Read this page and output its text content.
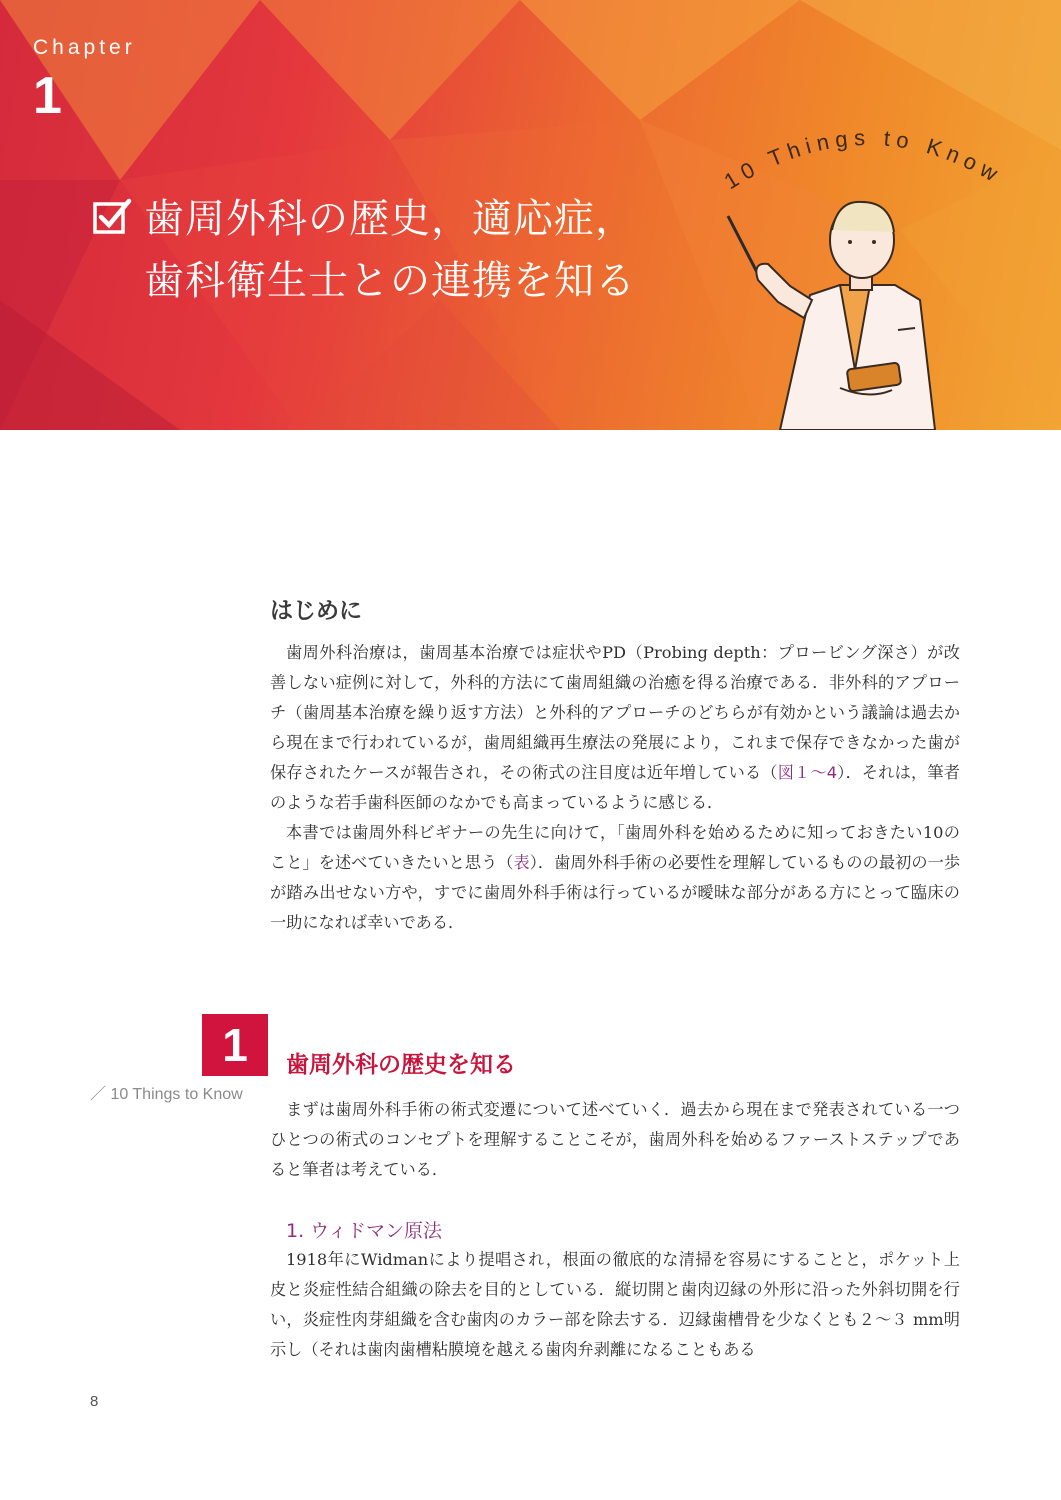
Chapter
1
歯周外科の歴史，適応症，
歯科衛生士との連携を知る
10 Things to Know
はじめに

歯周外科治療は，歯周基本治療では症状やPD（Probing depth：プロービング深さ）が改善しない症例に対して，外科的方法にて歯周組織の治癒を得る治療である．非外科的アプローチ（歯周基本治療を繰り返す方法）と外科的アプローチのどちらが有効かという議論は過去から現在まで行われているが，歯周組織再生療法の発展により，これまで保存できなかった歯が保存されたケースが報告され，その術式の注目度は近年増している（図１～4）．それは，筆者のような若手歯科医師のなかでも高まっているように感じる．

本書では歯周外科ビギナーの先生に向けて，「歯周外科を始めるために知っておきたい10のこと」を述べていきたいと思う（表）．歯周外科手術の必要性を理解しているものの最初の一歩が踏み出せない方や，すでに歯周外科手術は行っているが曖昧な部分がある方にとって臨床の一助になれば幸いである．

1
／ 10 Things to Know
歯周外科の歴史を知る

まずは歯周外科手術の術式変遷について述べていく．過去から現在まで発表されている一つひとつの術式のコンセプトを理解することこそが，歯周外科を始めるファーストステップであると筆者は考えている．

1. ウィドマン原法

1918年にWidmanにより提唱され，根面の徹底的な清掃を容易にすることと，ポケット上皮と炎症性結合組織の除去を目的としている．縦切開と歯肉辺縁の外形に沿った外斜切開を行い，炎症性肉芽組織を含む歯肉のカラー部を除去する．辺縁歯槽骨を少なくとも２～３ mm明示し（それは歯肉歯槽粘膜境を越える歯肉弁剥離になることもある

8
